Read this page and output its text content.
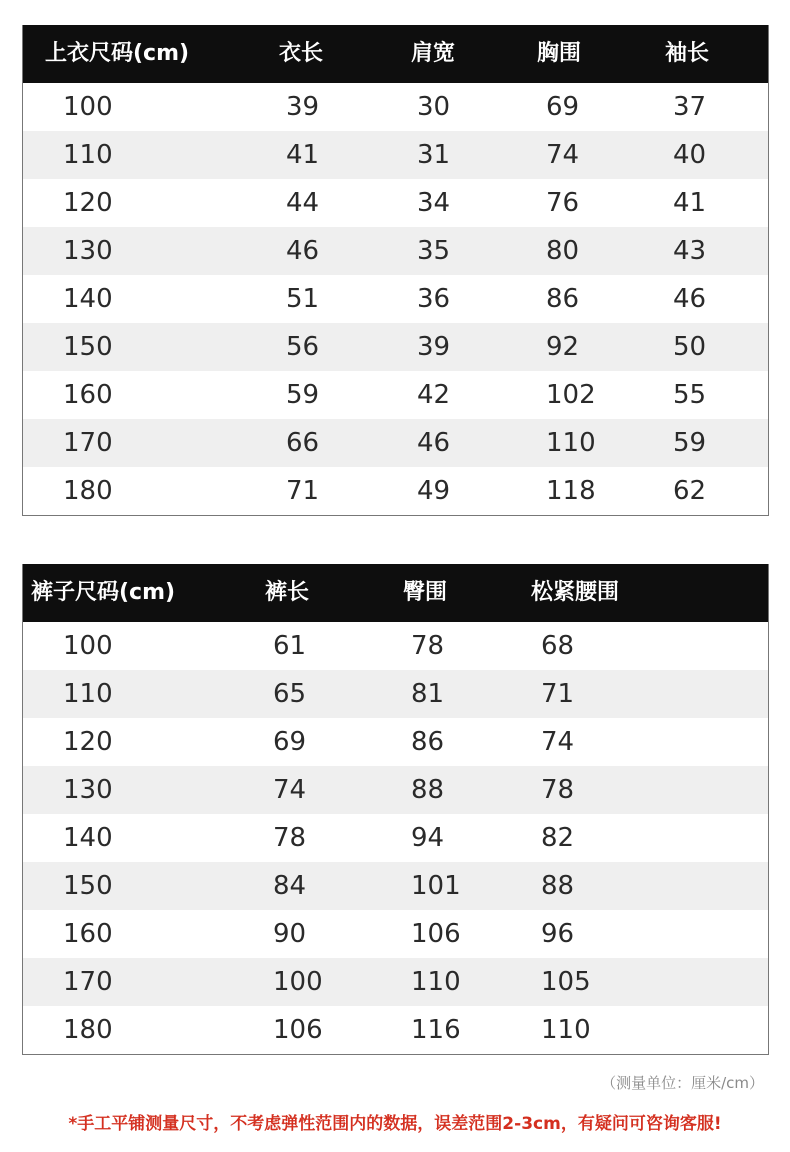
上衣尺码(cm)	衣长	肩宽	胸围	袖长
100	39	30	69	37
110	41	31	74	40
120	44	34	76	41
130	46	35	80	43
140	51	36	86	46
150	56	39	92	50
160	59	42	102	55
170	66	46	110	59
180	71	49	118	62
裤子尺码(cm)	裤长	臀围	松紧腰围
100	61	78	68
110	65	81	71
120	69	86	74
130	74	88	78
140	78	94	82
150	84	101	88
160	90	106	96
170	100	110	105
180	106	116	110
（测量单位：厘米/cm）
*手工平铺测量尺寸，不考虑弹性范围内的数据，误差范围2-3cm，有疑问可咨询客服!
